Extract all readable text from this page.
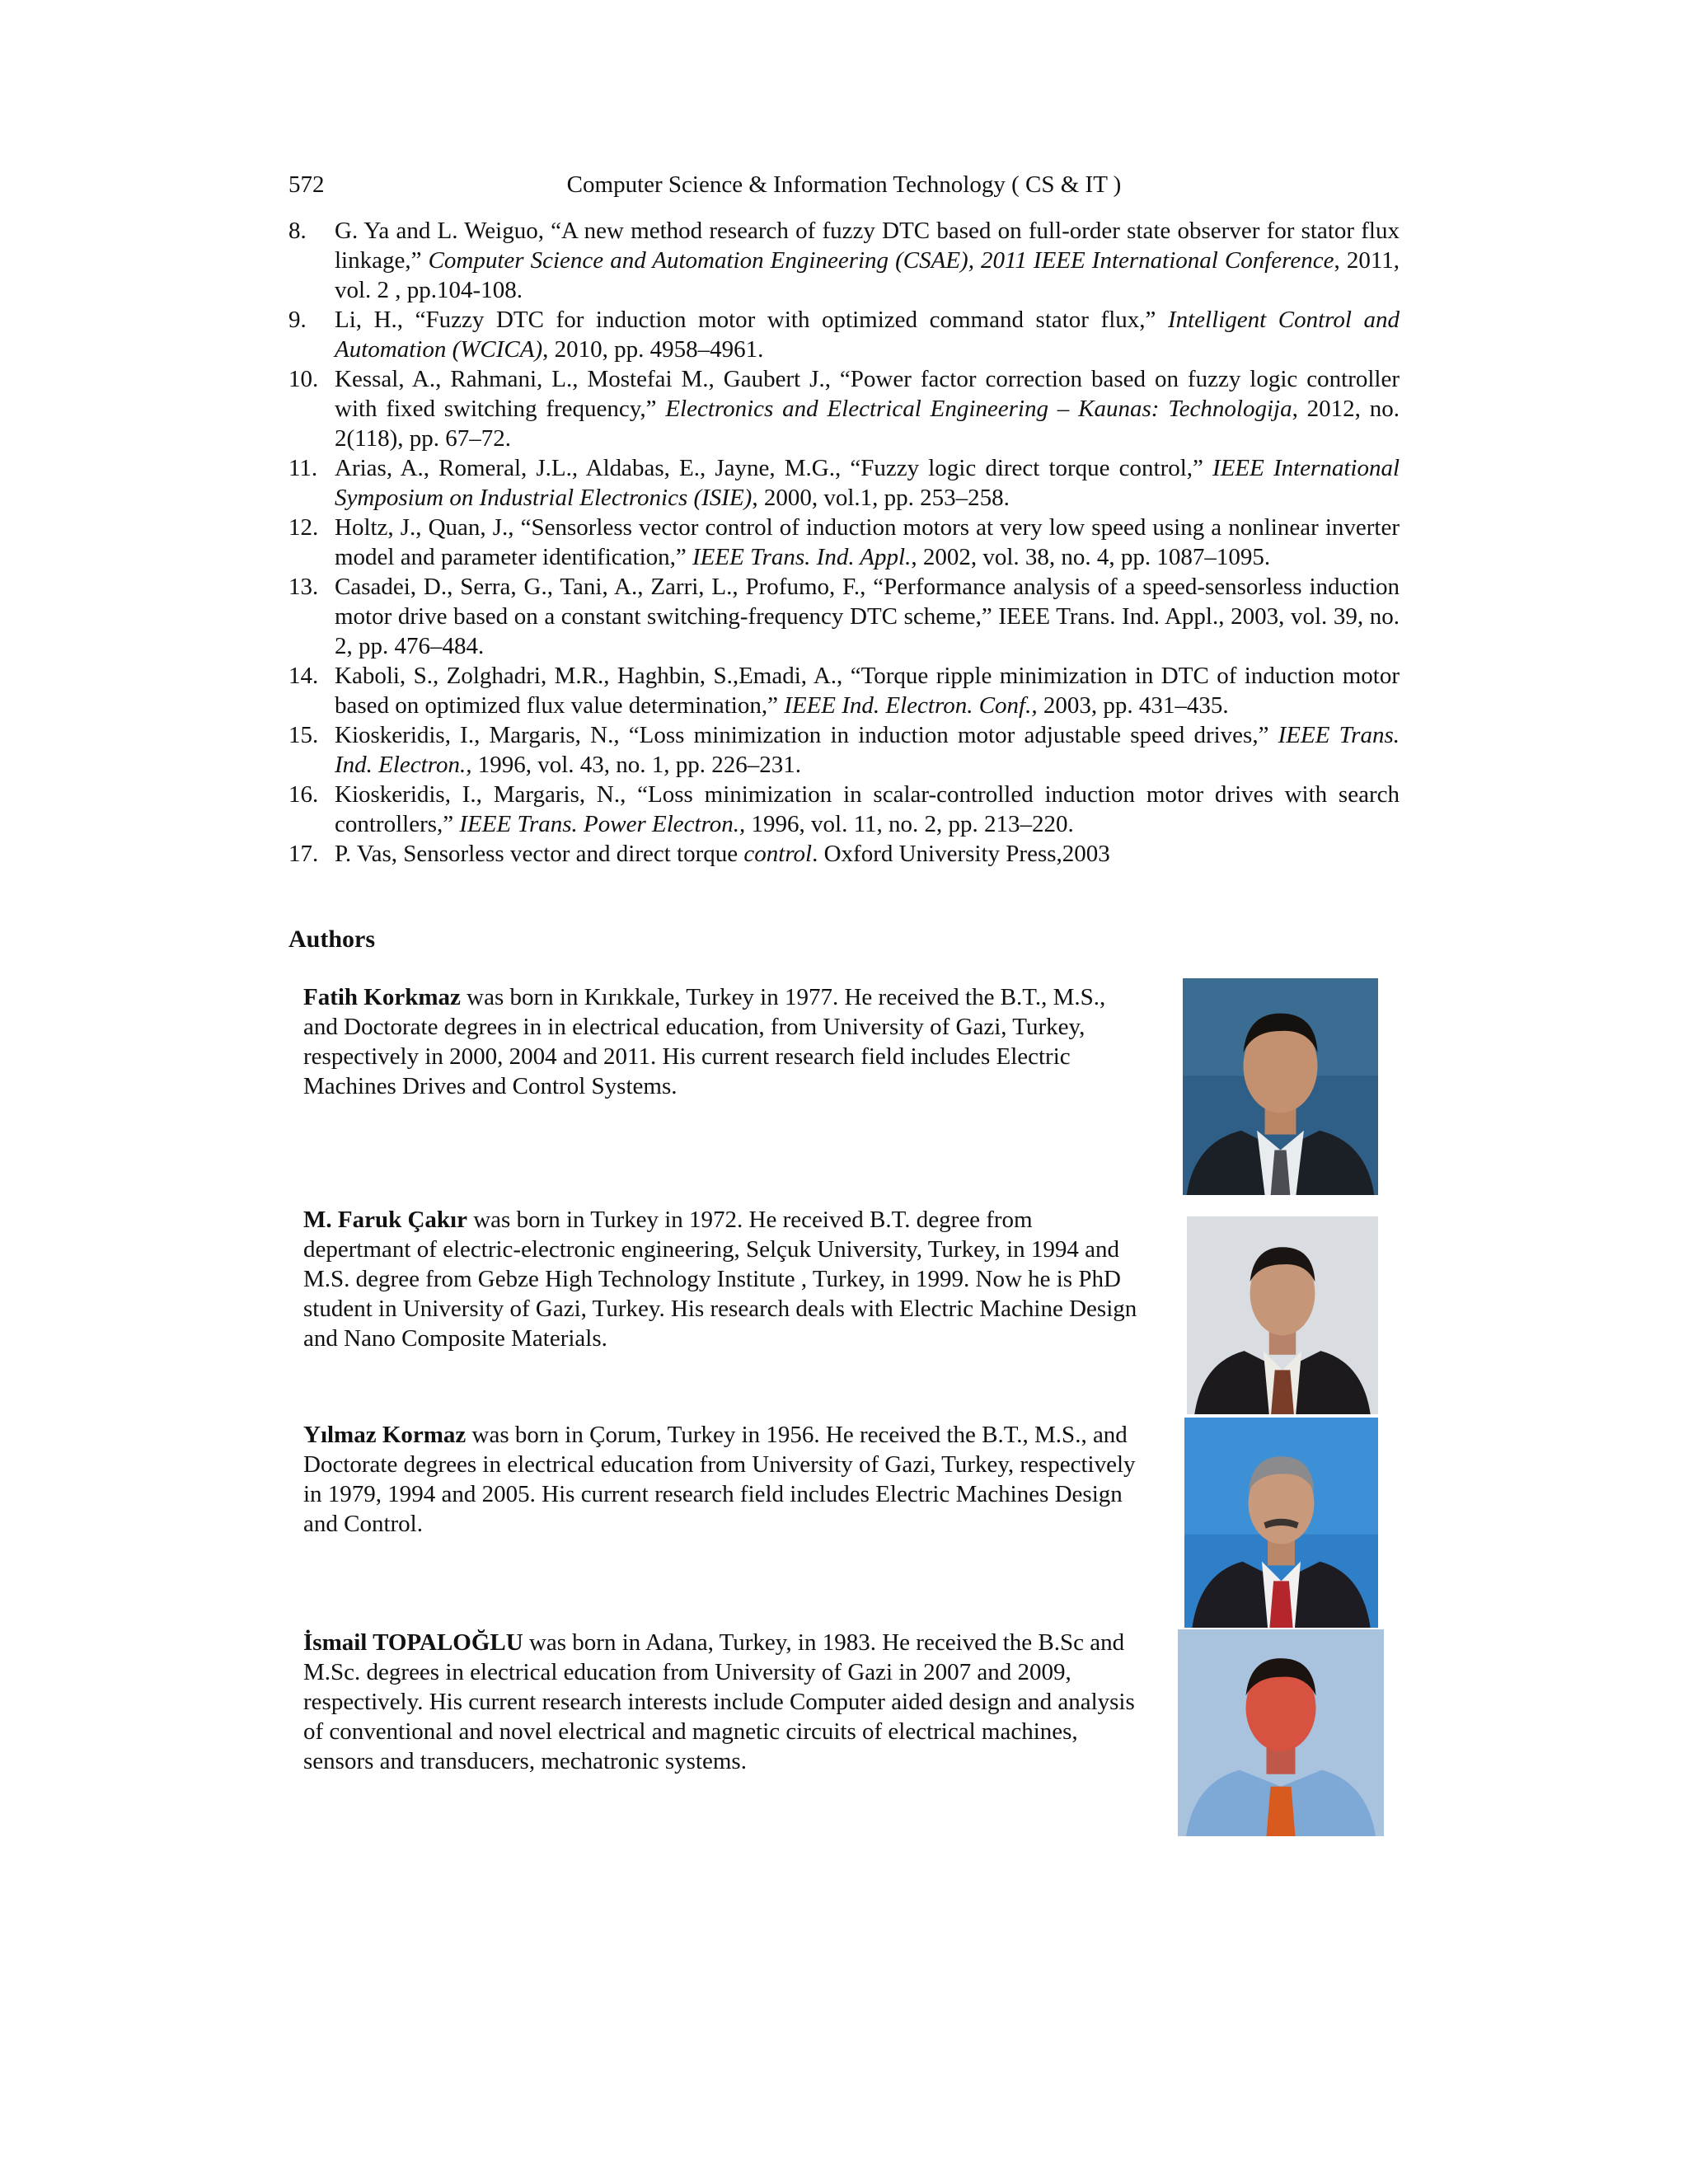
572	Computer Science & Information Technology ( CS & IT )
8. G. Ya and L. Weiguo, “A new method research of fuzzy DTC based on full-order state observer for stator flux linkage,” Computer Science and Automation Engineering (CSAE), 2011 IEEE International Conference, 2011, vol. 2 , pp.104-108.
9. Li, H., “Fuzzy DTC for induction motor with optimized command stator flux,” Intelligent Control and Automation (WCICA), 2010, pp. 4958–4961.
10. Kessal, A., Rahmani, L., Mostefai M., Gaubert J., “Power factor correction based on fuzzy logic controller with fixed switching frequency,” Electronics and Electrical Engineering – Kaunas: Technologija, 2012, no. 2(118), pp. 67–72.
11. Arias, A., Romeral, J.L., Aldabas, E., Jayne, M.G., “Fuzzy logic direct torque control,” IEEE International Symposium on Industrial Electronics (ISIE), 2000, vol.1, pp. 253–258.
12. Holtz, J., Quan, J., “Sensorless vector control of induction motors at very low speed using a nonlinear inverter model and parameter identification,” IEEE Trans. Ind. Appl., 2002, vol. 38, no. 4, pp. 1087–1095.
13. Casadei, D., Serra, G., Tani, A., Zarri, L., Profumo, F., “Performance analysis of a speed-sensorless induction motor drive based on a constant switching-frequency DTC scheme,” IEEE Trans. Ind. Appl., 2003, vol. 39, no. 2, pp. 476–484.
14. Kaboli, S., Zolghadri, M.R., Haghbin, S.,Emadi, A., “Torque ripple minimization in DTC of induction motor based on optimized flux value determination,” IEEE Ind. Electron. Conf., 2003, pp. 431–435.
15. Kioskeridis, I., Margaris, N., “Loss minimization in induction motor adjustable speed drives,” IEEE Trans. Ind. Electron., 1996, vol. 43, no. 1, pp. 226–231.
16. Kioskeridis, I., Margaris, N., “Loss minimization in scalar-controlled induction motor drives with search controllers,” IEEE Trans. Power Electron., 1996, vol. 11, no. 2, pp. 213–220.
17. P. Vas, Sensorless vector and direct torque control. Oxford University Press,2003
Authors

Fatih Korkmaz was born in Kırıkkale, Turkey in 1977. He received the B.T., M.S., and Doctorate degrees in in electrical education, from University of Gazi, Turkey, respectively in 2000, 2004 and 2011. His current research field includes Electric Machines Drives and Control Systems.

M. Faruk Çakır was born in Turkey in 1972. He received B.T. degree from depertmant of electric-electronic engineering, Selçuk University, Turkey, in 1994 and M.S. degree from Gebze High Technology Institute , Turkey, in 1999. Now he is PhD student in University of Gazi, Turkey. His research deals with Electric Machine Design and Nano Composite Materials.

Yılmaz Kormaz was born in Çorum, Turkey in 1956. He received the B.T., M.S., and Doctorate degrees in electrical education from University of Gazi, Turkey, respectively in 1979, 1994 and 2005. His current research field includes Electric Machines Design and Control.

İsmail TOPALOĞLU was born in Adana, Turkey, in 1983. He received the B.Sc and M.Sc. degrees in electrical education from University of Gazi in 2007 and 2009, respectively. His current research interests include Computer aided design and analysis of conventional and novel electrical and magnetic circuits of electrical machines, sensors and transducers, mechatronic systems.
